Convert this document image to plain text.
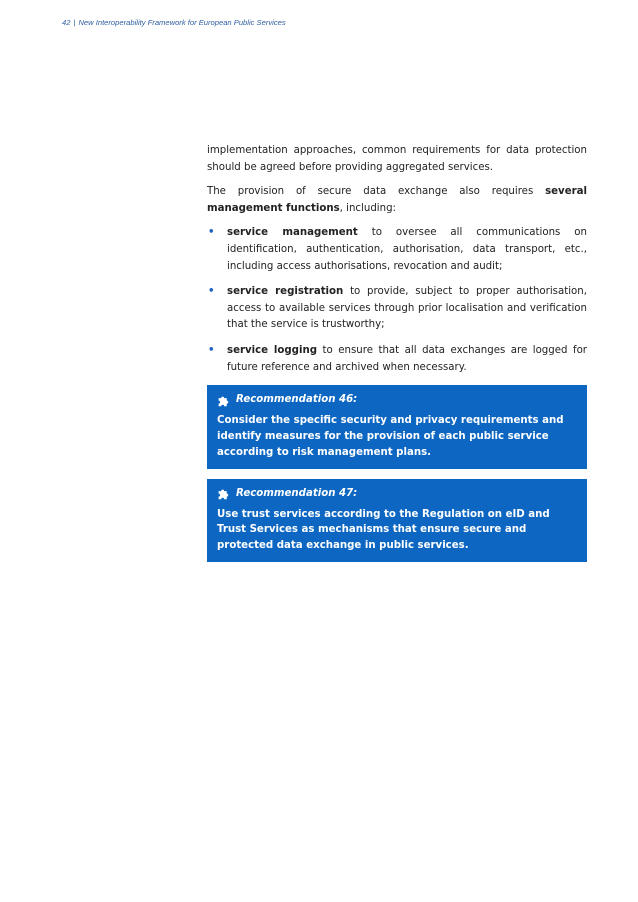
42 | New Interoperability Framework for European Public Services

implementation approaches, common requirements for data protection should be agreed before providing aggregated services.

The provision of secure data exchange also requires several management functions, including:

• service management to oversee all communications on identification, authentication, authorisation, data transport, etc., including access authorisations, revocation and audit;
• service registration to provide, subject to proper authorisation, access to available services through prior localisation and verification that the service is trustworthy;
• service logging to ensure that all data exchanges are logged for future reference and archived when necessary.
Recommendation 46:
Consider the specific security and privacy requirements and identify measures for the provision of each public service according to risk management plans.
Recommendation 47:
Use trust services according to the Regulation on eID and Trust Services as mechanisms that ensure secure and protected data exchange in public services.
